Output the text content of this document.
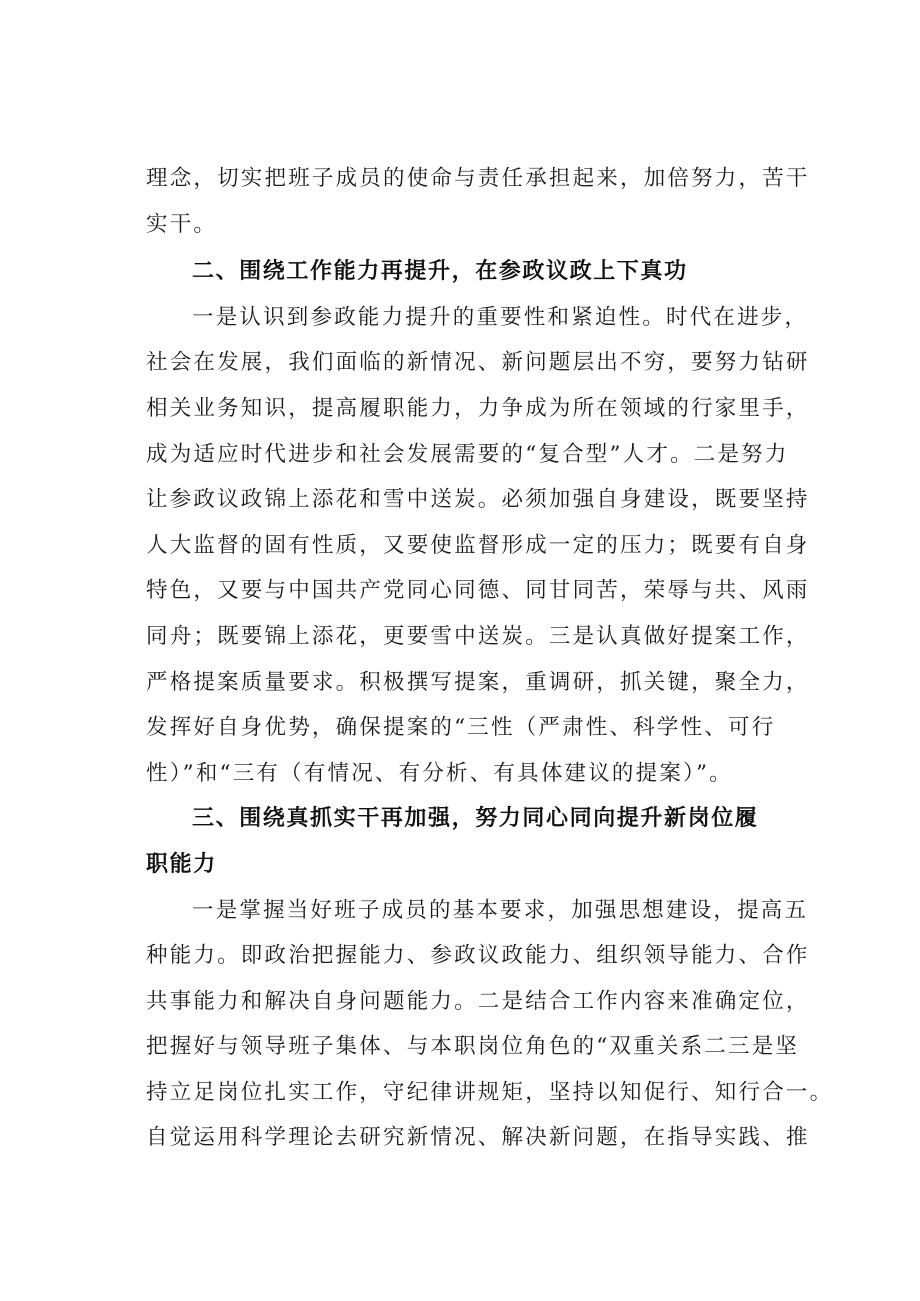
理念，切实把班子成员的使命与责任承担起来，加倍努力，苦干
实干。
二、围绕工作能力再提升，在参政议政上下真功
一是认识到参政能力提升的重要性和紧迫性。时代在进步，
社会在发展，我们面临的新情况、新问题层出不穷，要努力钻研
相关业务知识，提高履职能力，力争成为所在领域的行家里手，
成为适应时代进步和社会发展需要的“复合型”人才。二是努力
让参政议政锦上添花和雪中送炭。必须加强自身建设，既要坚持
人大监督的固有性质，又要使监督形成一定的压力；既要有自身
特色，又要与中国共产党同心同德、同甘同苦，荣辱与共、风雨
同舟；既要锦上添花，更要雪中送炭。三是认真做好提案工作，
严格提案质量要求。积极撰写提案，重调研，抓关键，聚全力，
发挥好自身优势，确保提案的“三性（严肃性、科学性、可行
性）”和“三有（有情况、有分析、有具体建议的提案）”。
三、围绕真抓实干再加强，努力同心同向提升新岗位履
职能力
一是掌握当好班子成员的基本要求，加强思想建设，提高五
种能力。即政治把握能力、参政议政能力、组织领导能力、合作
共事能力和解决自身问题能力。二是结合工作内容来准确定位，
把握好与领导班子集体、与本职岗位角色的“双重关系二三是坚
持立足岗位扎实工作，守纪律讲规矩，坚持以知促行、知行合一。
自觉运用科学理论去研究新情况、解决新问题，在指导实践、推
